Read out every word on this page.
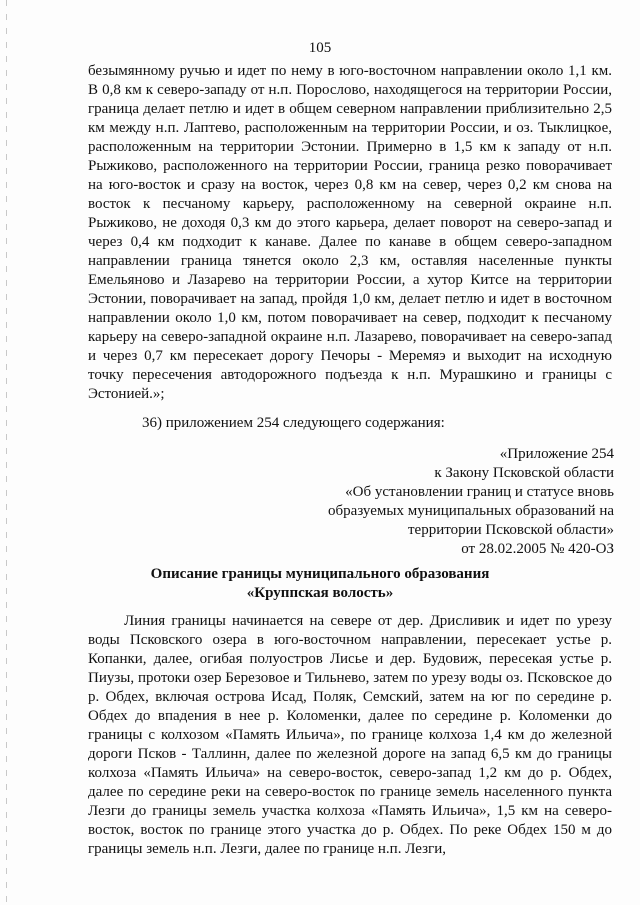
105

безымянному ручью и идет по нему в юго-восточном направлении около 1,1 км. В 0,8 км к северо-западу от н.п. Порослово, находящегося на территории России, граница делает петлю и идет в общем северном направлении приблизительно 2,5 км между н.п. Лаптево, расположенным на территории России, и оз. Тыклицкое, расположенным на территории Эстонии. Примерно в 1,5 км к западу от н.п. Рыжиково, расположенного на территории России, граница резко поворачивает на юго-восток и сразу на восток, через 0,8 км на север, через 0,2 км снова на восток к песчаному карьеру, расположенному на северной окраине н.п. Рыжиково, не доходя 0,3 км до этого карьера, делает поворот на северо-запад и через 0,4 км подходит к канаве. Далее по канаве в общем северо-западном направлении граница тянется около 2,3 км, оставляя населенные пункты Емельяново и Лазарево на территории России, а хутор Китсе на территории Эстонии, поворачивает на запад, пройдя 1,0 км, делает петлю и идет в восточном направлении около 1,0 км, потом поворачивает на север, подходит к песчаному карьеру на северо-западной окраине н.п. Лазарево, поворачивает на северо-запад и через 0,7 км пересекает дорогу Печоры - Меремяэ и выходит на исходную точку пересечения автодорожного подъезда к н.п. Мурашкино и границы с Эстонией.»;

36) приложением 254 следующего содержания:

«Приложение 254
к Закону Псковской области
«Об установлении границ и статусе вновь
образуемых муниципальных образований на
территории Псковской области»
от 28.02.2005 № 420-ОЗ
Описание границы муниципального образования
«Круппская волость»

Линия границы начинается на севере от дер. Дрисливик и идет по урезу воды Псковского озера в юго-восточном направлении, пересекает устье р. Копанки, далее, огибая полуостров Лисье и дер. Будовиж, пересекая устье р. Пиузы, протоки озер Березовое и Тильнево, затем по урезу воды оз. Псковское до р. Обдех, включая острова Исад, Поляк, Семский, затем на юг по середине р. Обдех до впадения в нее р. Коломенки, далее по середине р. Коломенки до границы с колхозом «Память Ильича», по границе колхоза 1,4 км до железной дороги Псков - Таллинн, далее по железной дороге на запад 6,5 км до границы колхоза «Память Ильича» на северо-восток, северо-запад 1,2 км до р. Обдех, далее по середине реки на северо-восток по границе земель населенного пункта Лезги до границы земель участка колхоза «Память Ильича», 1,5 км на северо-восток, восток по границе этого участка до р. Обдех. По реке Обдех 150 м до границы земель н.п. Лезги, далее по границе н.п. Лезги,
